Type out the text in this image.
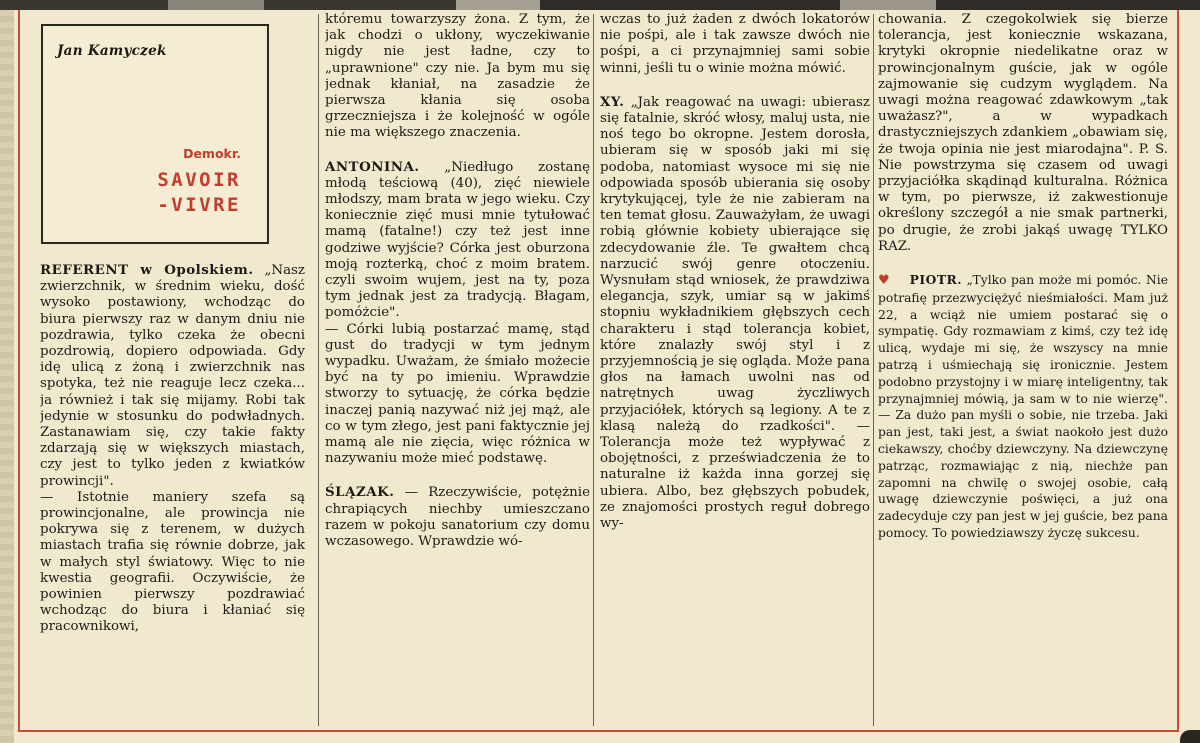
Jan Kamyczek
Demokr.
SAVOIR
-VIVRE

REFERENT w Opolskiem. „Nasz zwierzchnik, w średnim wieku, dość wysoko postawiony, wchodząc do biura pierwszy raz w danym dniu nie pozdrawia, tylko czeka że obecni pozdrowią, dopiero odpowiada. Gdy idę ulicą z żoną i zwierzchnik nas spotyka, też nie reaguje lecz czeka... ja również i tak się mijamy. Robi tak jedynie w stosunku do podwładnych. Zastanawiam się, czy takie fakty zdarzają się w większych miastach, czy jest to tylko jeden z kwiatków prowincji".

— Istotnie maniery szefa są prowincjonalne, ale prowincja nie pokrywa się z terenem, w dużych miastach trafia się równie dobrze, jak w małych styl światowy. Więc to nie kwestia geografii. Oczywiście, że powinien pierwszy pozdrawiać wchodząc do biura i kłaniać się pracownikowi,

któremu towarzyszy żona. Z tym, że jak chodzi o ukłony, wyczekiwanie nigdy nie jest ładne, czy to „uprawnione" czy nie. Ja bym mu się jednak kłaniał, na zasadzie że pierwsza kłania się osoba grzeczniejsza i że kolejność w ogóle nie ma większego znaczenia.

ANTONINA. „Niedługo zostanę młodą teściową (40), zięć niewiele młodszy, mam brata w jego wieku. Czy koniecznie zięć musi mnie tytułować mamą (fatalne!) czy też jest inne godziwe wyjście? Córka jest oburzona moją rozterką, choć z moim bratem. czyli swoim wujem, jest na ty, poza tym jednak jest za tradycją. Błagam, pomóżcie".

— Córki lubią postarzać mamę, stąd gust do tradycji w tym jednym wypadku. Uważam, że śmiało możecie być na ty po imieniu. Wprawdzie stworzy to sytuację, że córka będzie inaczej panią nazywać niż jej mąż, ale co w tym złego, jest pani faktycznie jej mamą ale nie zięcia, więc różnica w nazywaniu może mieć podstawę.

ŚLĄZAK. — Rzeczywiście, potężnie chrapiących niechby umieszczano razem w pokoju sanatorium czy domu wczasowego. Wprawdzie wó-

wczas to już żaden z dwóch lokatorów nie pośpi, ale i tak zawsze dwóch nie pośpi, a ci przynajmniej sami sobie winni, jeśli tu o winie można mówić.

XY. „Jak reagować na uwagi: ubierasz się fatalnie, skróć włosy, maluj usta, nie noś tego bo okropne. Jestem dorosła, ubieram się w sposób jaki mi się podoba, natomiast wysoce mi się nie odpowiada sposób ubierania się osoby krytykującej, tyle że nie zabieram na ten temat głosu. Zauważyłam, że uwagi robią głównie kobiety ubierające się zdecydowanie źle. Te gwałtem chcą narzucić swój genre otoczeniu. Wysnułam stąd wniosek, że prawdziwa elegancja, szyk, umiar są w jakimś stopniu wykładnikiem głębszych cech charakteru i stąd tolerancja kobiet, które znalazły swój styl i z przyjemnością je się ogląda. Może pana głos na łamach uwolni nas od natrętnych uwag życzliwych przyjaciółek, których są legiony. A te z klasą należą do rzadkości". — Tolerancja może też wypływać z obojętności, z przeświadczenia że to naturalne iż każda inna gorzej się ubiera. Albo, bez głębszych pobudek, ze znajomości prostych reguł dobrego wy-

chowania. Z czegokolwiek się bierze tolerancja, jest koniecznie wskazana, krytyki okropnie niedelikatne oraz w prowincjonalnym guście, jak w ogóle zajmowanie się cudzym wyglądem. Na uwagi można reagować zdawkowym „tak uważasz?", a w wypadkach drastyczniejszych zdankiem „obawiam się, że twoja opinia nie jest miarodajna". P. S. Nie powstrzyma się czasem od uwagi przyjaciółka skądinąd kulturalna. Różnica w tym, po pierwsze, iż zakwestionuje określony szczegół a nie smak partnerki, po drugie, że zrobi jakąś uwagę TYLKO RAZ.

♥ PIOTR. „Tylko pan może mi pomóc. Nie potrafię przezwyciężyć nieśmiałości. Mam już 22, a wciąż nie umiem postarać się o sympatię. Gdy rozmawiam z kimś, czy też idę ulicą, wydaje mi się, że wszyscy na mnie patrzą i uśmiechają się ironicznie. Jestem podobno przystojny i w miarę inteligentny, tak przynajmniej mówią, ja sam w to nie wierzę". — Za dużo pan myśli o sobie, nie trzeba. Jaki pan jest, taki jest, a świat naokoło jest dużo ciekawszy, choćby dziewczyny. Na dziewczynę patrząc, rozmawiając z nią, niechże pan zapomni na chwilę o swojej osobie, całą uwagę dziewczynie poświęci, a już ona zadecyduje czy pan jest w jej guście, bez pana pomocy. To powiedziawszy życzę sukcesu.
